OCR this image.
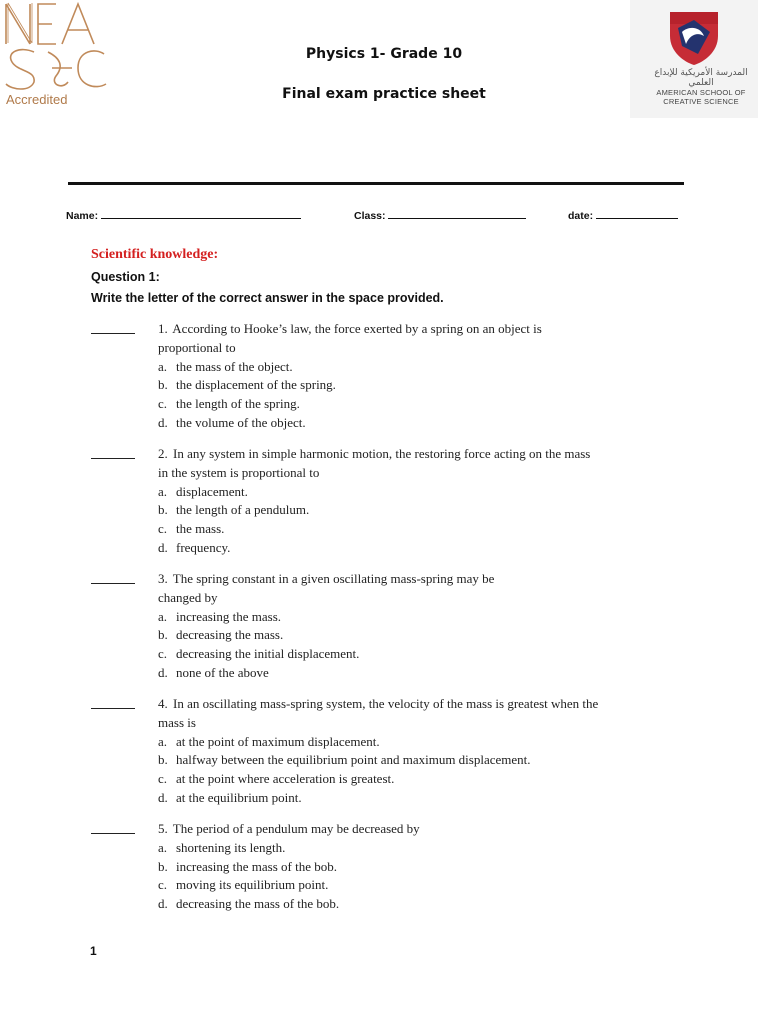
Accredited
المدرسة الأمريكية للإبداع العلمي
AMERICAN SCHOOL OF CREATIVE SCIENCE
Physics 1- Grade 10
Final exam practice sheet
Name:	Class:	date:
Scientific knowledge:
Question 1:
Write the letter of the correct answer in the space provided.
1. According to Hooke’s law, the force exerted by a spring on an object is
proportional to
a. the mass of the object.
b. the displacement of the spring.
c. the length of the spring.
d. the volume of the object.
2. In any system in simple harmonic motion, the restoring force acting on the mass
in the system is proportional to
a. displacement.
b. the length of a pendulum.
c. the mass.
d. frequency.
3. The spring constant in a given oscillating mass-spring may be
changed by
a. increasing the mass.
b. decreasing the mass.
c. decreasing the initial displacement.
d. none of the above
4. In an oscillating mass-spring system, the velocity of the mass is greatest when the
mass is
a. at the point of maximum displacement.
b. halfway between the equilibrium point and maximum displacement.
c. at the point where acceleration is greatest.
d. at the equilibrium point.
5. The period of a pendulum may be decreased by
a. shortening its length.
b. increasing the mass of the bob.
c. moving its equilibrium point.
d. decreasing the mass of the bob.
1
